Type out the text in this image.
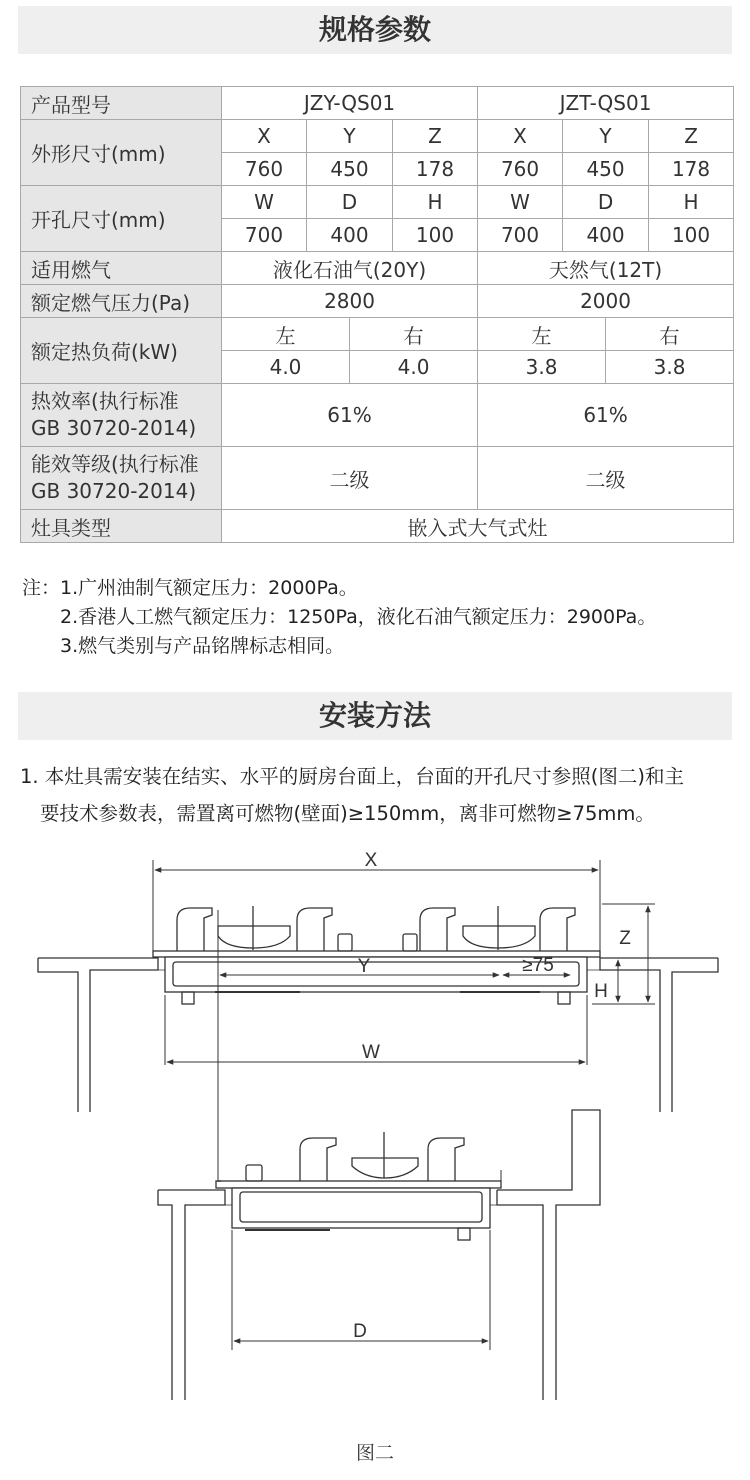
规格参数
产品型号	JZY-QS01				JZT-QS01			
外形尺寸(mm)	X	Y		Z	X	Y		Z
	760	450		178	760	450		178
开孔尺寸(mm)	W	D		H	W	D		H
	700	400		100	700	400		100
适用燃气	液化石油气(20Y)				天然气(12T)			
额定燃气压力(Pa)	2800				2000			
额定热负荷(kW)	左		右		左		右	
	4.0		4.0		3.8		3.8	

热效率(执行标准
GB 30720-2014)	61%				61%			

能效等级(执行标准
GB 30720-2014)	二级				二级			
灶具类型	嵌入式大气式灶							
注：1.广州油制气额定压力：2000Pa。
2.香港人工燃气额定压力：1250Pa，液化石油气额定压力：2900Pa。
3.燃气类别与产品铭牌标志相同。
安装方法
1. 本灶具需安装在结实、水平的厨房台面上，台面的开孔尺寸参照(图二)和主
要技术参数表，需置离可燃物(壁面)≥150mm，离非可燃物≥75mm。
X
Z
H
W
Y	≥75
D
图二
